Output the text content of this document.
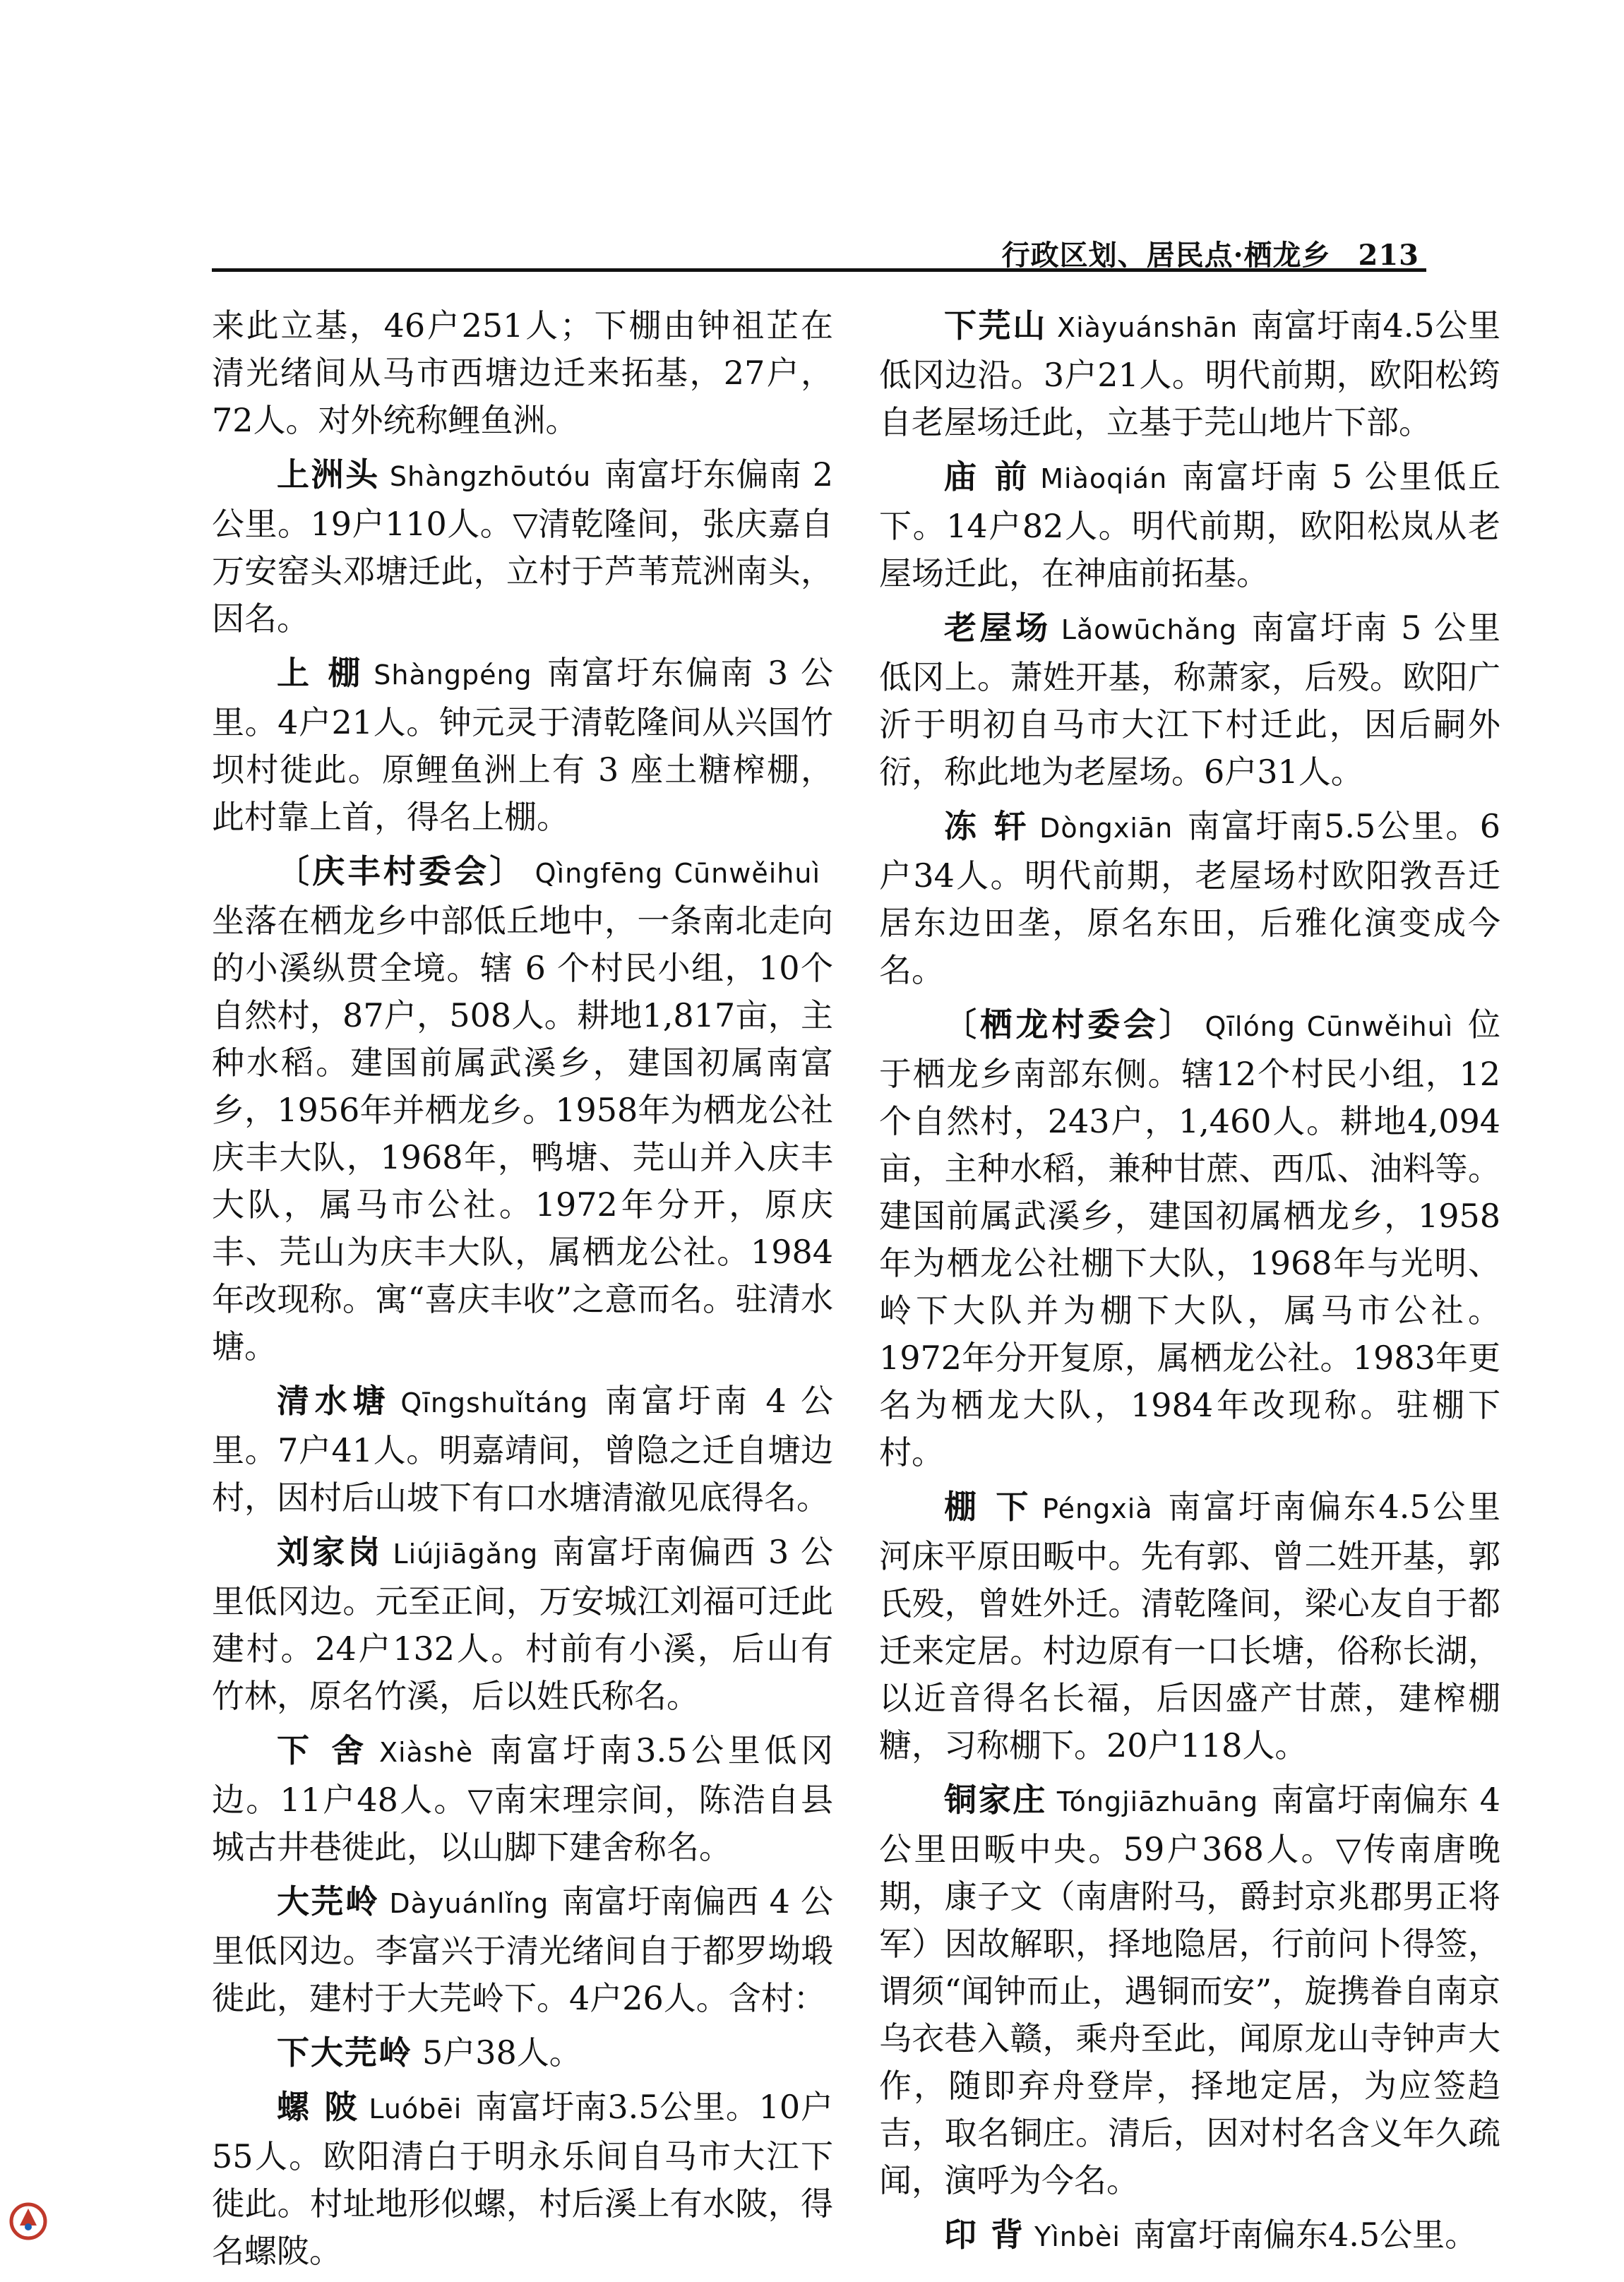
行政区划、居民点·栖龙乡 213

来此立基，46户251人；下棚由钟祖芷在清光绪间从马市西塘边迁来拓基，27户，72人。对外统称鲤鱼洲。

上洲头 Shàngzhōutóu 南富圩东偏南 2 公里。19户110人。▽清乾隆间，张庆嘉自万安窑头邓塘迁此，立村于芦苇荒洲南头，因名。

上 棚 Shàngpéng 南富圩东偏南 3 公里。4户21人。钟元灵于清乾隆间从兴国竹坝村徙此。原鲤鱼洲上有 3 座土糖榨棚，此村靠上首，得名上棚。

〔庆丰村委会〕 Qìngfēng Cūnwěihuì坐落在栖龙乡中部低丘地中，一条南北走向的小溪纵贯全境。辖 6 个村民小组，10个自然村，87户，508人。耕地1,817亩，主种水稻。建国前属武溪乡，建国初属南富乡，1956年并栖龙乡。1958年为栖龙公社庆丰大队，1968年，鸭塘、芫山并入庆丰大队，属马市公社。1972年分开，原庆丰、芫山为庆丰大队，属栖龙公社。1984年改现称。寓“喜庆丰收”之意而名。驻清水塘。

清水塘 Qīngshuǐtáng 南富圩南 4 公里。7户41人。明嘉靖间，曾隐之迁自塘边村，因村后山坡下有口水塘清澈见底得名。

刘家岗 Liújiāgǎng 南富圩南偏西 3 公里低冈边。元至正间，万安城江刘福可迁此建村。24户132人。村前有小溪，后山有竹林，原名竹溪，后以姓氏称名。

下 舍 Xiàshè 南富圩南3.5公里低冈边。11户48人。▽南宋理宗间，陈浩自县城古井巷徙此，以山脚下建舍称名。

大芫岭 Dàyuánlǐng 南富圩南偏西 4 公里低冈边。李富兴于清光绪间自于都罗坳塅徙此，建村于大芫岭下。4户26人。含村：

下大芫岭 5户38人。

螺 陂 Luóbēi 南富圩南3.5公里。10户55人。欧阳清白于明永乐间自马市大江下徙此。村址地形似螺，村后溪上有水陂，得名螺陂。

下芫山 Xiàyuánshān 南富圩南4.5公里低冈边沿。3户21人。明代前期，欧阳松筠自老屋场迁此，立基于芫山地片下部。

庙 前 Miàoqián 南富圩南 5 公里低丘下。14户82人。明代前期，欧阳松岚从老屋场迁此，在神庙前拓基。

老屋场 Lǎowūchǎng 南富圩南 5 公里低冈上。萧姓开基，称萧家，后殁。欧阳广沂于明初自马市大江下村迁此，因后嗣外衍，称此地为老屋场。6户31人。

冻 轩 Dòngxiān 南富圩南5.5公里。6户34人。明代前期，老屋场村欧阳敩吾迁居东边田垄，原名东田，后雅化演变成今名。

〔栖龙村委会〕 Qīlóng Cūnwěihuì 位于栖龙乡南部东侧。辖12个村民小组，12个自然村，243户，1,460人。耕地4,094亩，主种水稻，兼种甘蔗、西瓜、油料等。建国前属武溪乡，建国初属栖龙乡，1958年为栖龙公社棚下大队，1968年与光明、岭下大队并为棚下大队，属马市公社。1972年分开复原，属栖龙公社。1983年更名为栖龙大队，1984年改现称。驻棚下村。

棚 下 Péngxià 南富圩南偏东4.5公里河床平原田畈中。先有郭、曾二姓开基，郭氏殁，曾姓外迁。清乾隆间，梁心友自于都迁来定居。村边原有一口长塘，俗称长湖，以近音得名长福，后因盛产甘蔗，建榨棚糖，习称棚下。20户118人。

铜家庄 Tóngjiāzhuāng 南富圩南偏东 4 公里田畈中央。59户368人。▽传南唐晚期，康子文（南唐附马，爵封京兆郡男正将军）因故解职，择地隐居，行前问卜得签，谓须“闻钟而止，遇铜而安”，旋携眷自南京乌衣巷入赣，乘舟至此，闻原龙山寺钟声大作，随即弃舟登岸，择地定居，为应签趋吉，取名铜庄。清后，因对村名含义年久疏闻，演呼为今名。

印 背 Yìnbèi 南富圩南偏东4.5公里。
